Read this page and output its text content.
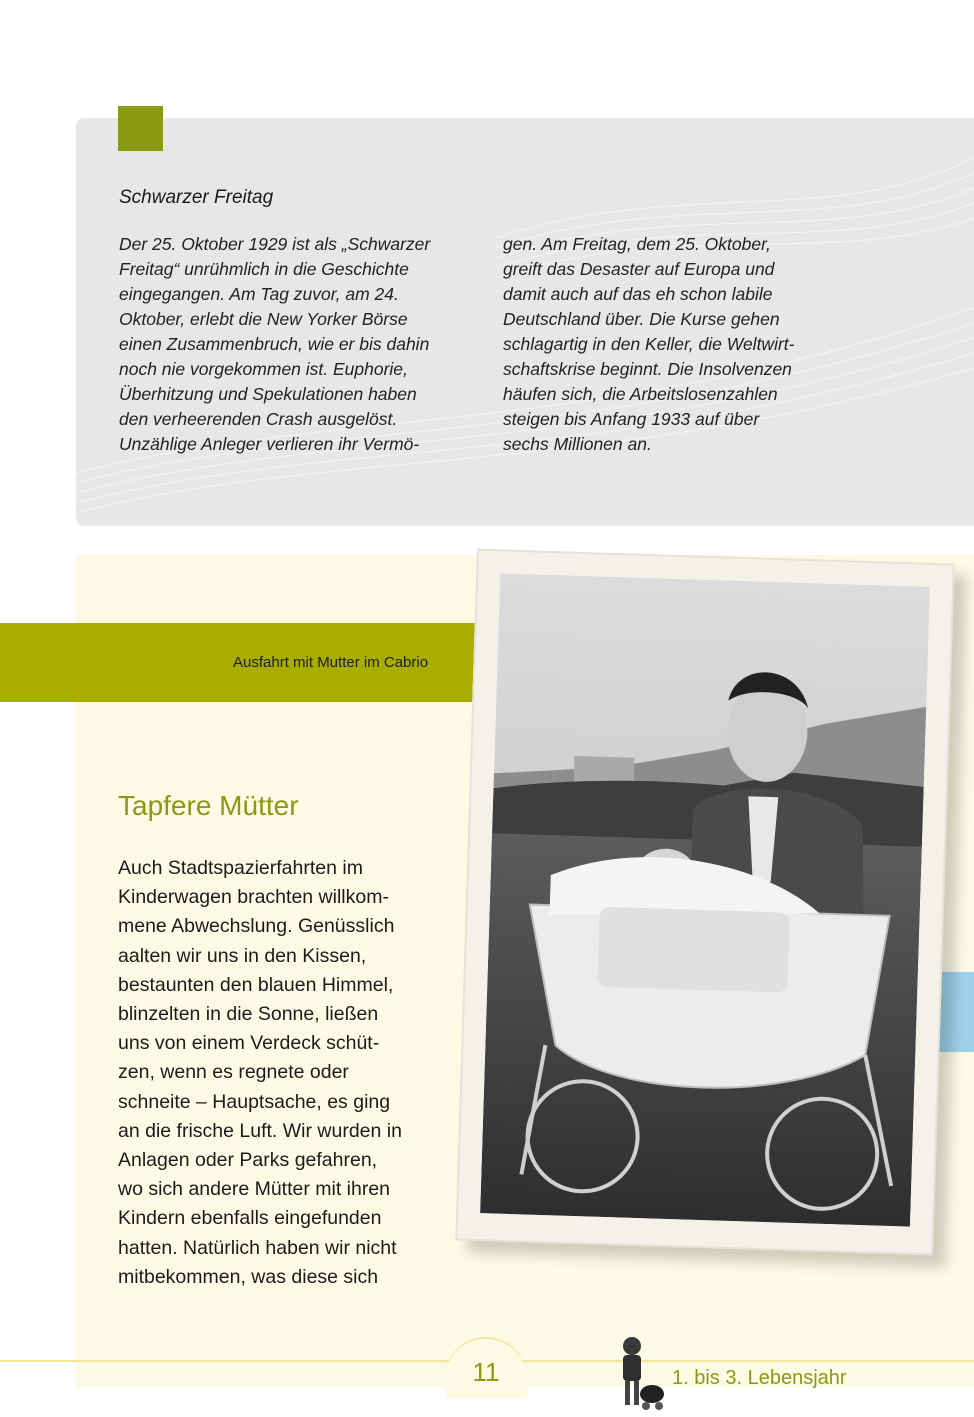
Schwarzer Freitag

Der 25. Oktober 1929 ist als „Schwarzer
Freitag“ unrühmlich in die Geschichte
eingegangen. Am Tag zuvor, am 24.
Oktober, erlebt die New Yorker Börse
einen Zusammenbruch, wie er bis dahin
noch nie vorgekommen ist. Euphorie,
Überhitzung und Spekulationen haben
den verheerenden Crash ausgelöst.
Unzählige Anleger verlieren ihr Vermö-

gen. Am Freitag, dem 25. Oktober,
greift das Desaster auf Europa und
damit auch auf das eh schon labile
Deutschland über. Die Kurse gehen
schlagartig in den Keller, die Weltwirt-
schaftskrise beginnt. Die Insolvenzen
häufen sich, die Arbeitslosenzahlen
steigen bis Anfang 1933 auf über
sechs Millionen an.

Ausfahrt mit Mutter im Cabrio

Tapfere Mütter

Auch Stadtspazierfahrten im
Kinderwagen brachten willkom-
mene Abwechslung. Genüsslich
aalten wir uns in den Kissen,
bestaunten den blauen Himmel,
blinzelten in die Sonne, ließen
uns von einem Verdeck schüt-
zen, wenn es regnete oder
schneite – Hauptsache, es ging
an die frische Luft. Wir wurden in
Anlagen oder Parks gefahren,
wo sich andere Mütter mit ihren
Kindern ebenfalls eingefunden
hatten. Natürlich haben wir nicht
mitbekommen, was diese sich

11	1. bis 3. Lebensjahr
